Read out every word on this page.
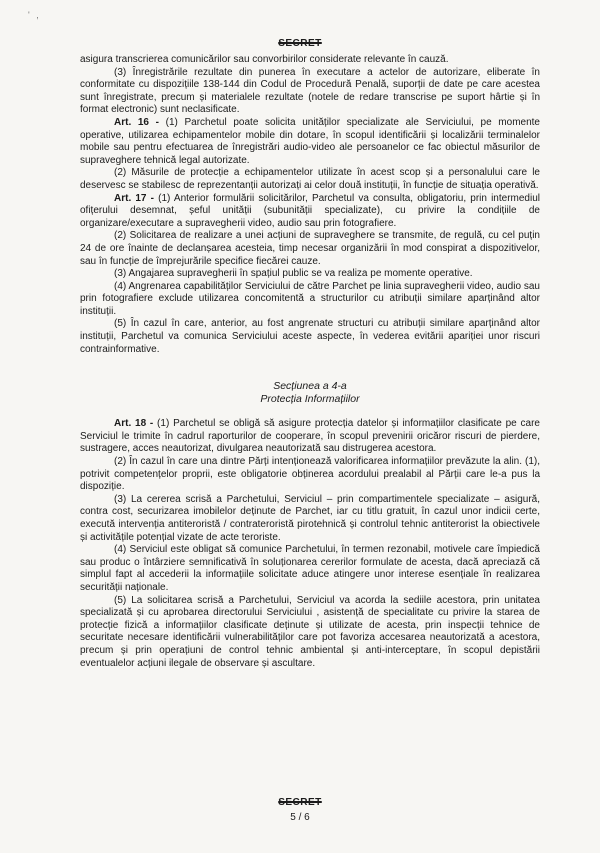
' ,
SECRET

asigura transcrierea comunicărilor sau convorbirilor considerate relevante în cauză.

(3) Înregistrările rezultate din punerea în executare a actelor de autorizare, eliberate în conformitate cu dispozițiile 138-144 din Codul de Procedură Penală, suporții de date pe care acestea sunt înregistrate, precum și materialele rezultate (notele de redare transcrise pe suport hârtie și în format electronic) sunt neclasificate.

Art. 16 - (1) Parchetul poate solicita unităților specializate ale Serviciului, pe momente operative, utilizarea echipamentelor mobile din dotare, în scopul identificării și localizării terminalelor mobile sau pentru efectuarea de înregistrări audio-video ale persoanelor ce fac obiectul măsurilor de supraveghere tehnică legal autorizate.

(2) Măsurile de protecție a echipamentelor utilizate în acest scop și a personalului care le deservesc se stabilesc de reprezentanții autorizați ai celor două instituții, în funcție de situația operativă.

Art. 17 - (1) Anterior formulării solicitărilor, Parchetul va consulta, obligatoriu, prin intermediul ofițerului desemnat, șeful unității (subunității specializate), cu privire la condițiile de organizare/executare a supravegherii video, audio sau prin fotografiere.

(2) Solicitarea de realizare a unei acțiuni de supraveghere se transmite, de regulă, cu cel puțin 24 de ore înainte de declanșarea acesteia, timp necesar organizării în mod conspirat a dispozitivelor, sau în funcție de împrejurările specifice fiecărei cauze.

(3) Angajarea supravegherii în spațiul public se va realiza pe momente operative.

(4) Angrenarea capabilităților Serviciului de către Parchet pe linia supravegherii video, audio sau prin fotografiere exclude utilizarea concomitentă a structurilor cu atribuții similare aparținând altor instituții.

(5) În cazul în care, anterior, au fost angrenate structuri cu atribuții similare aparținând altor instituții, Parchetul va comunica Serviciului aceste aspecte, în vederea evitării apariției unor riscuri contrainformative.

Secțiunea a 4-a
Protecția Informațiilor

Art. 18 - (1) Parchetul se obligă să asigure protecția datelor și informațiilor clasificate pe care Serviciul le trimite în cadrul raporturilor de cooperare, în scopul prevenirii oricăror riscuri de pierdere, sustragere, acces neautorizat, divulgarea neautorizată sau distrugerea acestora.

(2) În cazul în care una dintre Părți intenționează valorificarea informațiilor prevăzute la alin. (1), potrivit competențelor proprii, este obligatorie obținerea acordului prealabil al Părții care le-a pus la dispoziție.

(3) La cererea scrisă a Parchetului, Serviciul – prin compartimentele specializate – asigură, contra cost, securizarea imobilelor deținute de Parchet, iar cu titlu gratuit, în cazul unor indicii certe, execută intervenția antiteroristă / contrateroristă pirotehnică și controlul tehnic antiterorist la obiectivele și activitățile potențial vizate de acte teroriste.

(4) Serviciul este obligat să comunice Parchetului, în termen rezonabil, motivele care împiedică sau produc o întârziere semnificativă în soluționarea cererilor formulate de acesta, dacă apreciază că simplul fapt al accederii la informațiile solicitate aduce atingere unor interese esențiale în realizarea securității naționale.

(5) La solicitarea scrisă a Parchetului, Serviciul va acorda la sediile acestora, prin unitatea specializată și cu aprobarea directorului Serviciului , asistență de specialitate cu privire la starea de protecție fizică a informațiilor clasificate deținute și utilizate de acesta, prin inspecții tehnice de securitate necesare identificării vulnerabilităților care pot favoriza accesarea neautorizată a acestora, precum și prin operațiuni de control tehnic ambiental și anti-interceptare, în scopul depistării eventualelor acțiuni ilegale de observare și ascultare.

SECRET
5 / 6
